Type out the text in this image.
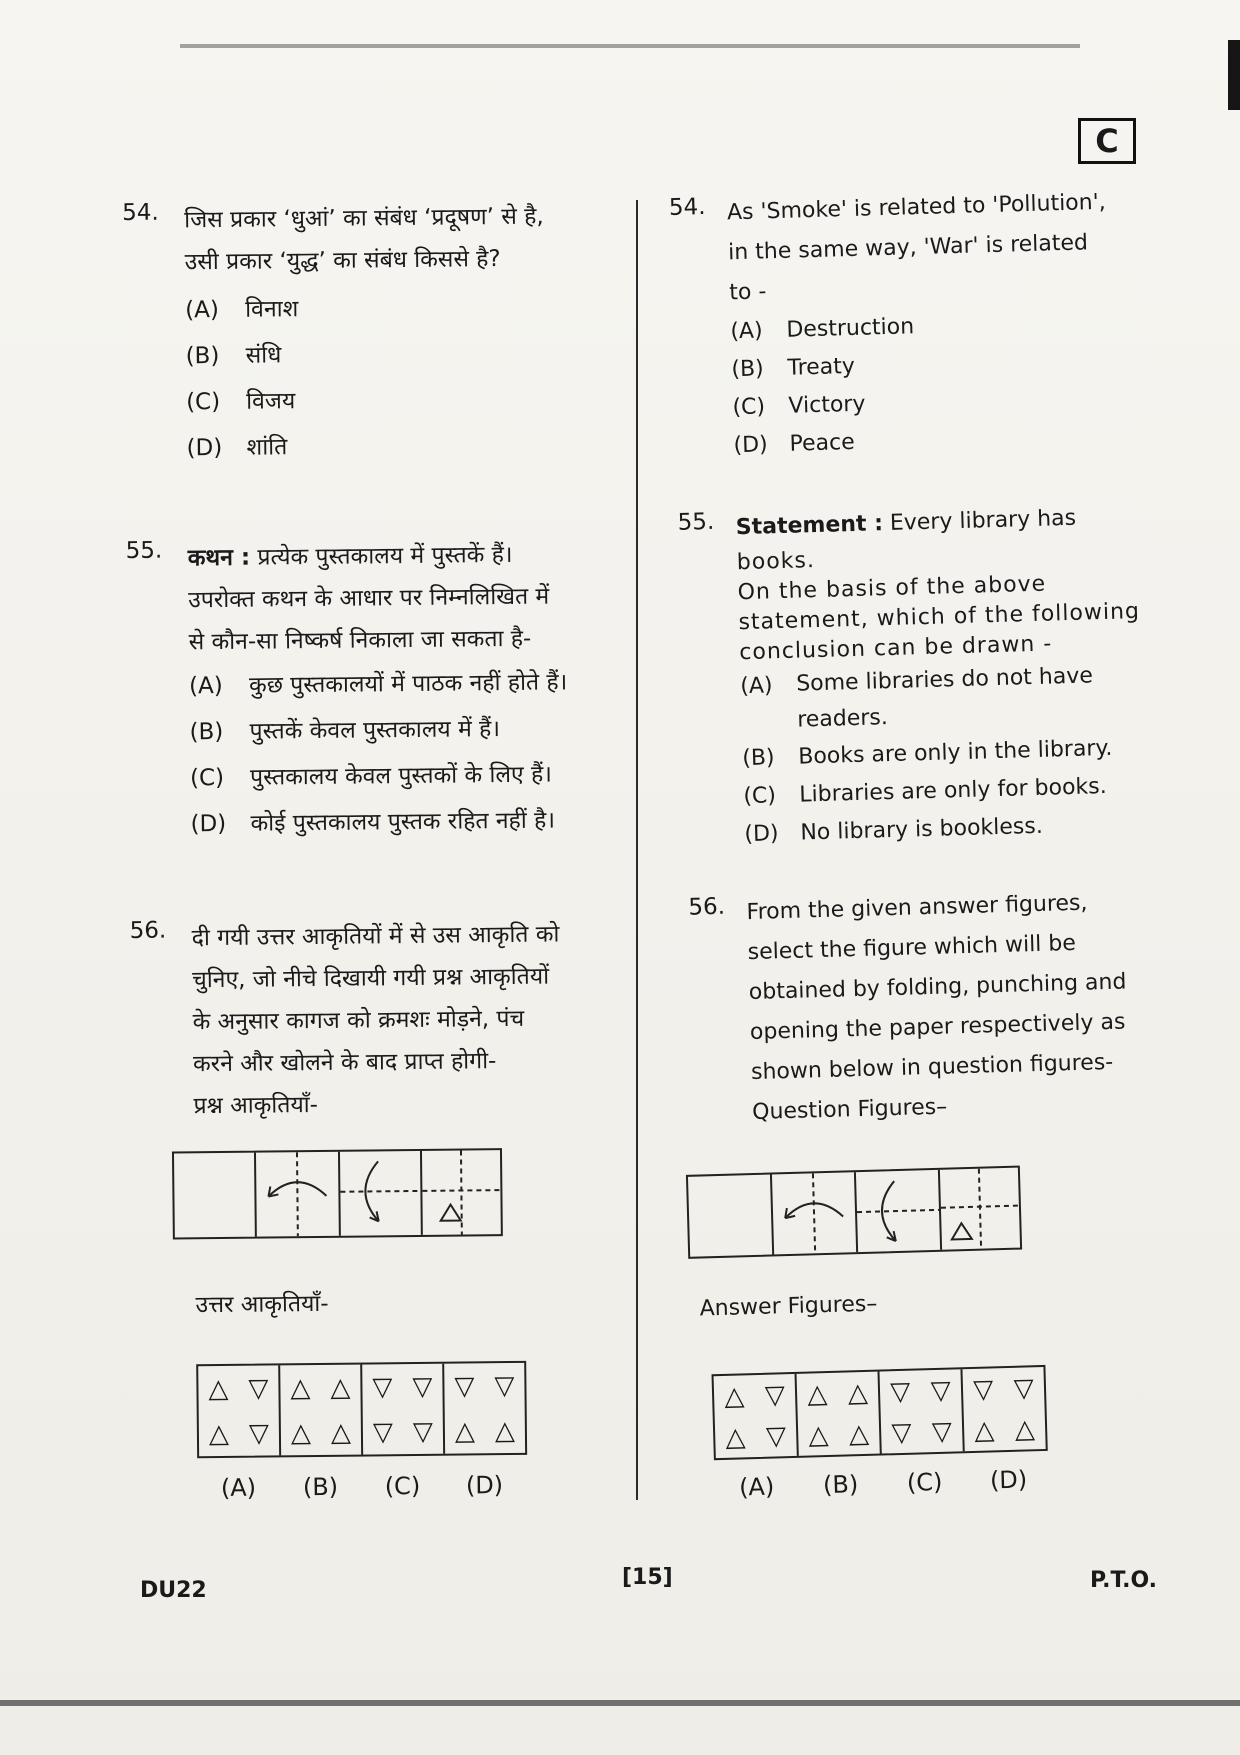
C
54. जिस प्रकार ‘धुआं’ का संबंध ‘प्रदूषण’ से है,
उसी प्रकार ‘युद्ध’ का संबंध किससे है?
(A)	विनाश
(B)	संधि
(C)	विजय
(D)	शांति
55. कथन : प्रत्येक पुस्तकालय में पुस्तकें हैं।
उपरोक्त कथन के आधार पर निम्नलिखित में
से कौन-सा निष्कर्ष निकाला जा सकता है-
(A)	कुछ पुस्तकालयों में पाठक नहीं होते हैं।
(B)	पुस्तकें केवल पुस्तकालय में हैं।
(C)	पुस्तकालय केवल पुस्तकों के लिए हैं।
(D)	कोई पुस्तकालय पुस्तक रहित नहीं है।
56. दी गयी उत्तर आकृतियों में से उस आकृति को
चुनिए, जो नीचे दिखायी गयी प्रश्न आकृतियों
के अनुसार कागज को क्रमशः मोड़ने, पंच
करने और खोलने के बाद प्राप्त होगी-
प्रश्न आकृतियाँ-
उत्तर आकृतियाँ-
△ ▽
△ ▽
△ △
△ △
▽ ▽
▽ ▽
▽ ▽
△ △
(A)	(B)	(C)	(D)
54. As 'Smoke' is related to 'Pollution',
in the same way, 'War' is related
to -
(A)	Destruction
(B)	Treaty
(C)	Victory
(D) Peace
55. Statement : Every library has
books.
On the basis of the above
statement, which of the following
conclusion can be drawn -
(A)	Some libraries do not have readers.
(B)	Books are only in the library.
(C)	Libraries are only for books.
(D) No library is bookless.
56. From the given answer figures,
select the figure which will be
obtained by folding, punching and
opening the paper respectively as
shown below in question figures-
Question Figures–
Answer Figures–
△ ▽
△ ▽
△ △
△ △
▽ ▽
▽ ▽
▽ ▽
△ △
(A)	(B)	(C)	(D)
DU22
[15]	P.T.O.
